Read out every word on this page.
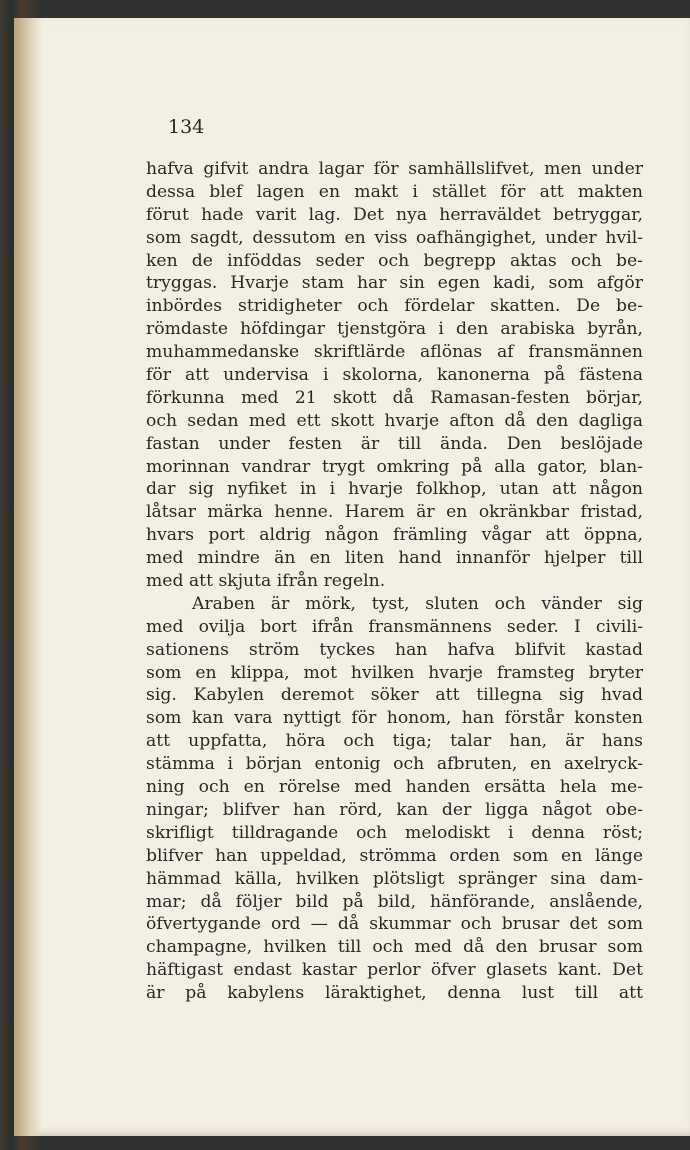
134
hafva gifvit andra lagar för samhällslifvet, men under
dessa blef lagen en makt i stället för att makten
förut hade varit lag. Det nya herraväldet betryggar,
som sagdt, dessutom en viss oafhängighet, under hvil-
ken de inföddas seder och begrepp aktas och be-
tryggas. Hvarje stam har sin egen kadi, som afgör
inbördes stridigheter och fördelar skatten. De be-
römdaste höfdingar tjenstgöra i den arabiska byrån,
muhammedanske skriftlärde aflönas af fransmännen
för att undervisa i skolorna, kanonerna på fästena
förkunna med 21 skott då Ramasan-festen börjar,
och sedan med ett skott hvarje afton då den dagliga
fastan under festen är till ända. Den beslöjade
morinnan vandrar trygt omkring på alla gator, blan-
dar sig nyfiket in i hvarje folkhop, utan att någon
låtsar märka henne. Harem är en okränkbar fristad,
hvars port aldrig någon främling vågar att öppna,
med mindre än en liten hand innanför hjelper till
med att skjuta ifrån regeln.
Araben är mörk, tyst, sluten och vänder sig
med ovilja bort ifrån fransmännens seder. I civili-
sationens ström tyckes han hafva blifvit kastad
som en klippa, mot hvilken hvarje framsteg bryter
sig. Kabylen deremot söker att tillegna sig hvad
som kan vara nyttigt för honom, han förstår konsten
att uppfatta, höra och tiga; talar han, är hans
stämma i början entonig och afbruten, en axelryck-
ning och en rörelse med handen ersätta hela me-
ningar; blifver han rörd, kan der ligga något obe-
skrifligt tilldragande och melodiskt i denna röst;
blifver han uppeldad, strömma orden som en länge
hämmad källa, hvilken plötsligt spränger sina dam-
mar; då följer bild på bild, hänförande, anslående,
öfvertygande ord — då skummar och brusar det som
champagne, hvilken till och med då den brusar som
häftigast endast kastar perlor öfver glasets kant. Det
är på kabylens läraktighet, denna lust till att
